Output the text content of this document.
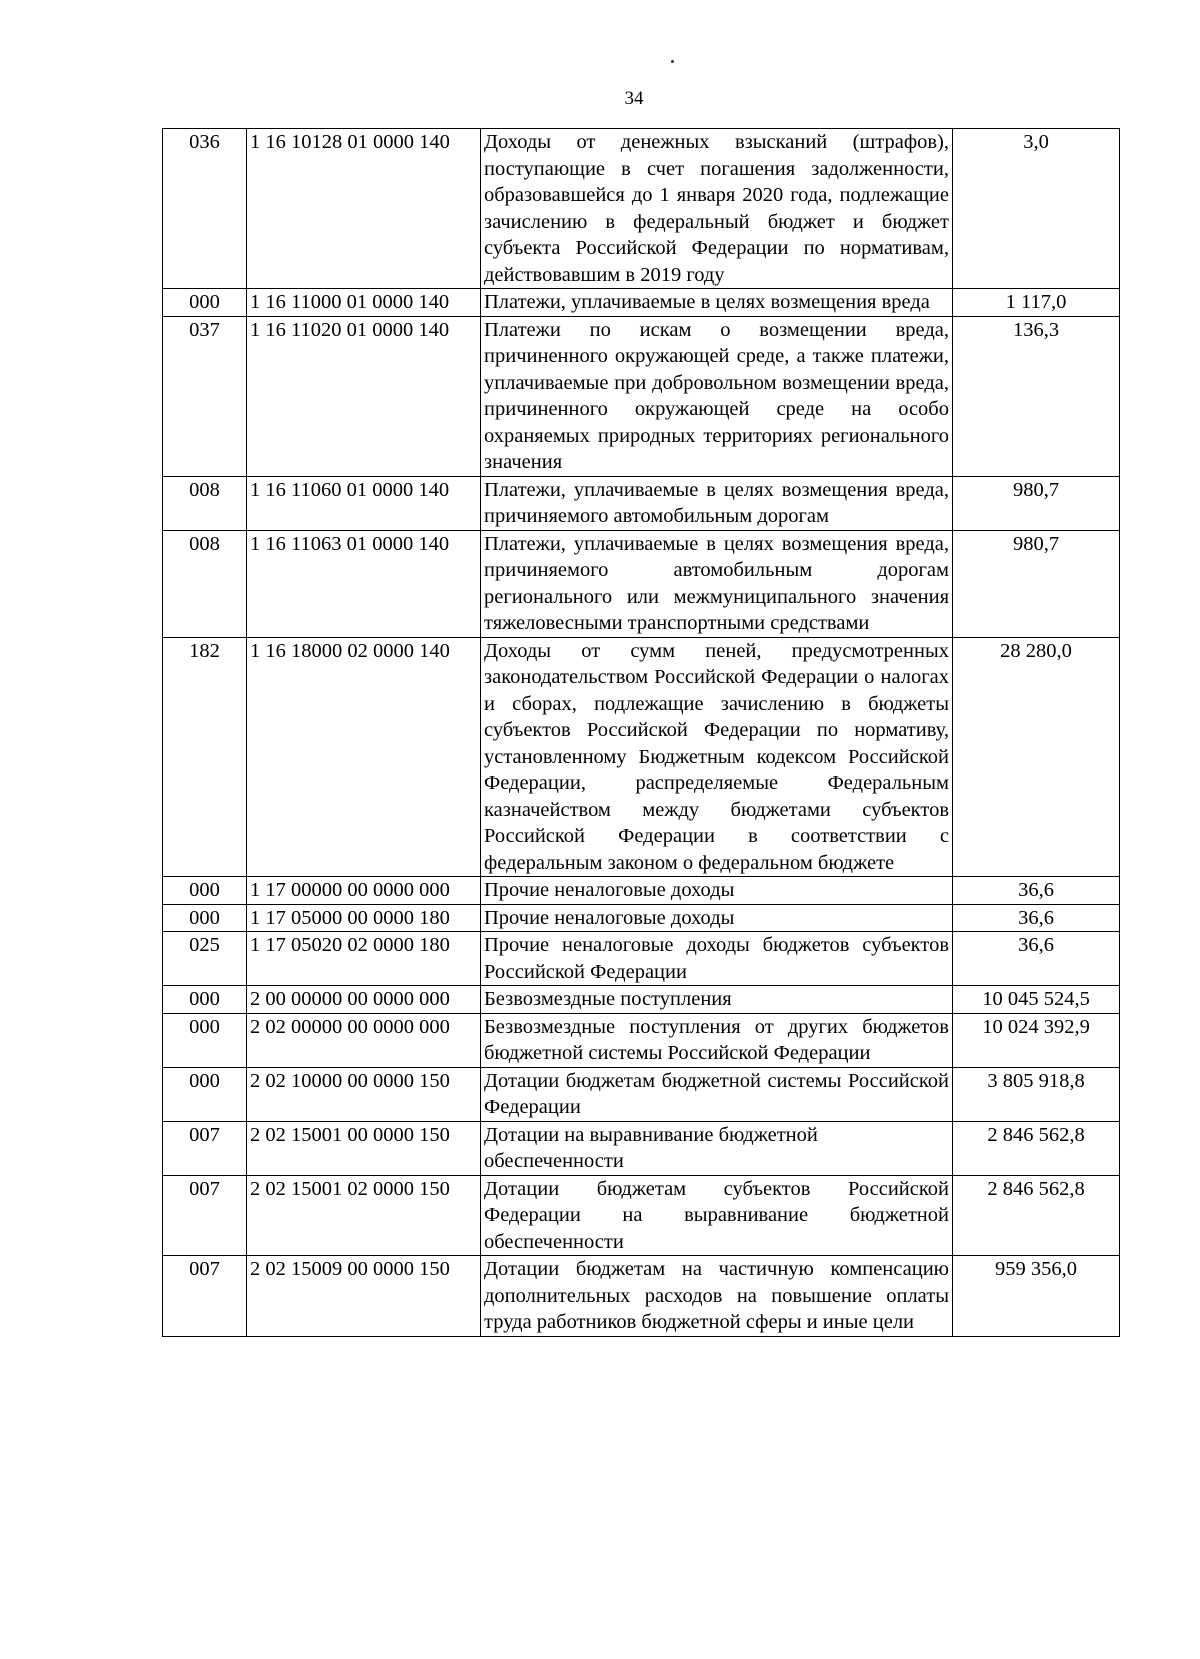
34
036	1 16 10128 01 0000 140	Доходы от денежных взысканий (штрафов), поступающие в счет погашения задолженности, образовавшейся до 1 января 2020 года, подлежащие зачислению в федеральный бюджет и бюджет субъекта Российской Федерации по нормативам, действовавшим в 2019 году	3,0
000	1 16 11000 01 0000 140	Платежи, уплачиваемые в целях возмещения вреда	1 117,0
037	1 16 11020 01 0000 140	Платежи по искам о возмещении вреда, причиненного окружающей среде, а также платежи, уплачиваемые при добровольном возмещении вреда, причиненного окружающей среде на особо охраняемых природных территориях регионального значения	136,3
008	1 16 11060 01 0000 140	Платежи, уплачиваемые в целях возмещения вреда, причиняемого автомобильным дорогам	980,7
008	1 16 11063 01 0000 140	Платежи, уплачиваемые в целях возмещения вреда, причиняемого автомобильным дорогам регионального или межмуниципального значения тяжеловесными транспортными средствами	980,7
182	1 16 18000 02 0000 140	Доходы от сумм пеней, предусмотренных законодательством Российской Федерации о налогах и сборах, подлежащие зачислению в бюджеты субъектов Российской Федерации по нормативу, установленному Бюджетным кодексом Российской Федерации, распределяемые Федеральным казначейством между бюджетами субъектов Российской Федерации в соответствии с федеральным законом о федеральном бюджете	28 280,0
000	1 17 00000 00 0000 000	Прочие неналоговые доходы	36,6
000	1 17 05000 00 0000 180	Прочие неналоговые доходы	36,6
025	1 17 05020 02 0000 180	Прочие неналоговые доходы бюджетов субъектов Российской Федерации	36,6
000	2 00 00000 00 0000 000	Безвозмездные поступления	10 045 524,5
000	2 02 00000 00 0000 000	Безвозмездные поступления от других бюджетов бюджетной системы Российской Федерации	10 024 392,9
000	2 02 10000 00 0000 150	Дотации бюджетам бюджетной системы Российской Федерации	3 805 918,8
007	2 02 15001 00 0000 150	Дотации на выравнивание бюджетной обеспеченности	2 846 562,8
007	2 02 15001 02 0000 150	Дотации бюджетам субъектов Российской Федерации на выравнивание бюджетной обеспеченности	2 846 562,8
007	2 02 15009 00 0000 150	Дотации бюджетам на частичную компенсацию дополнительных расходов на повышение оплаты труда работников бюджетной сферы и иные цели	959 356,0
